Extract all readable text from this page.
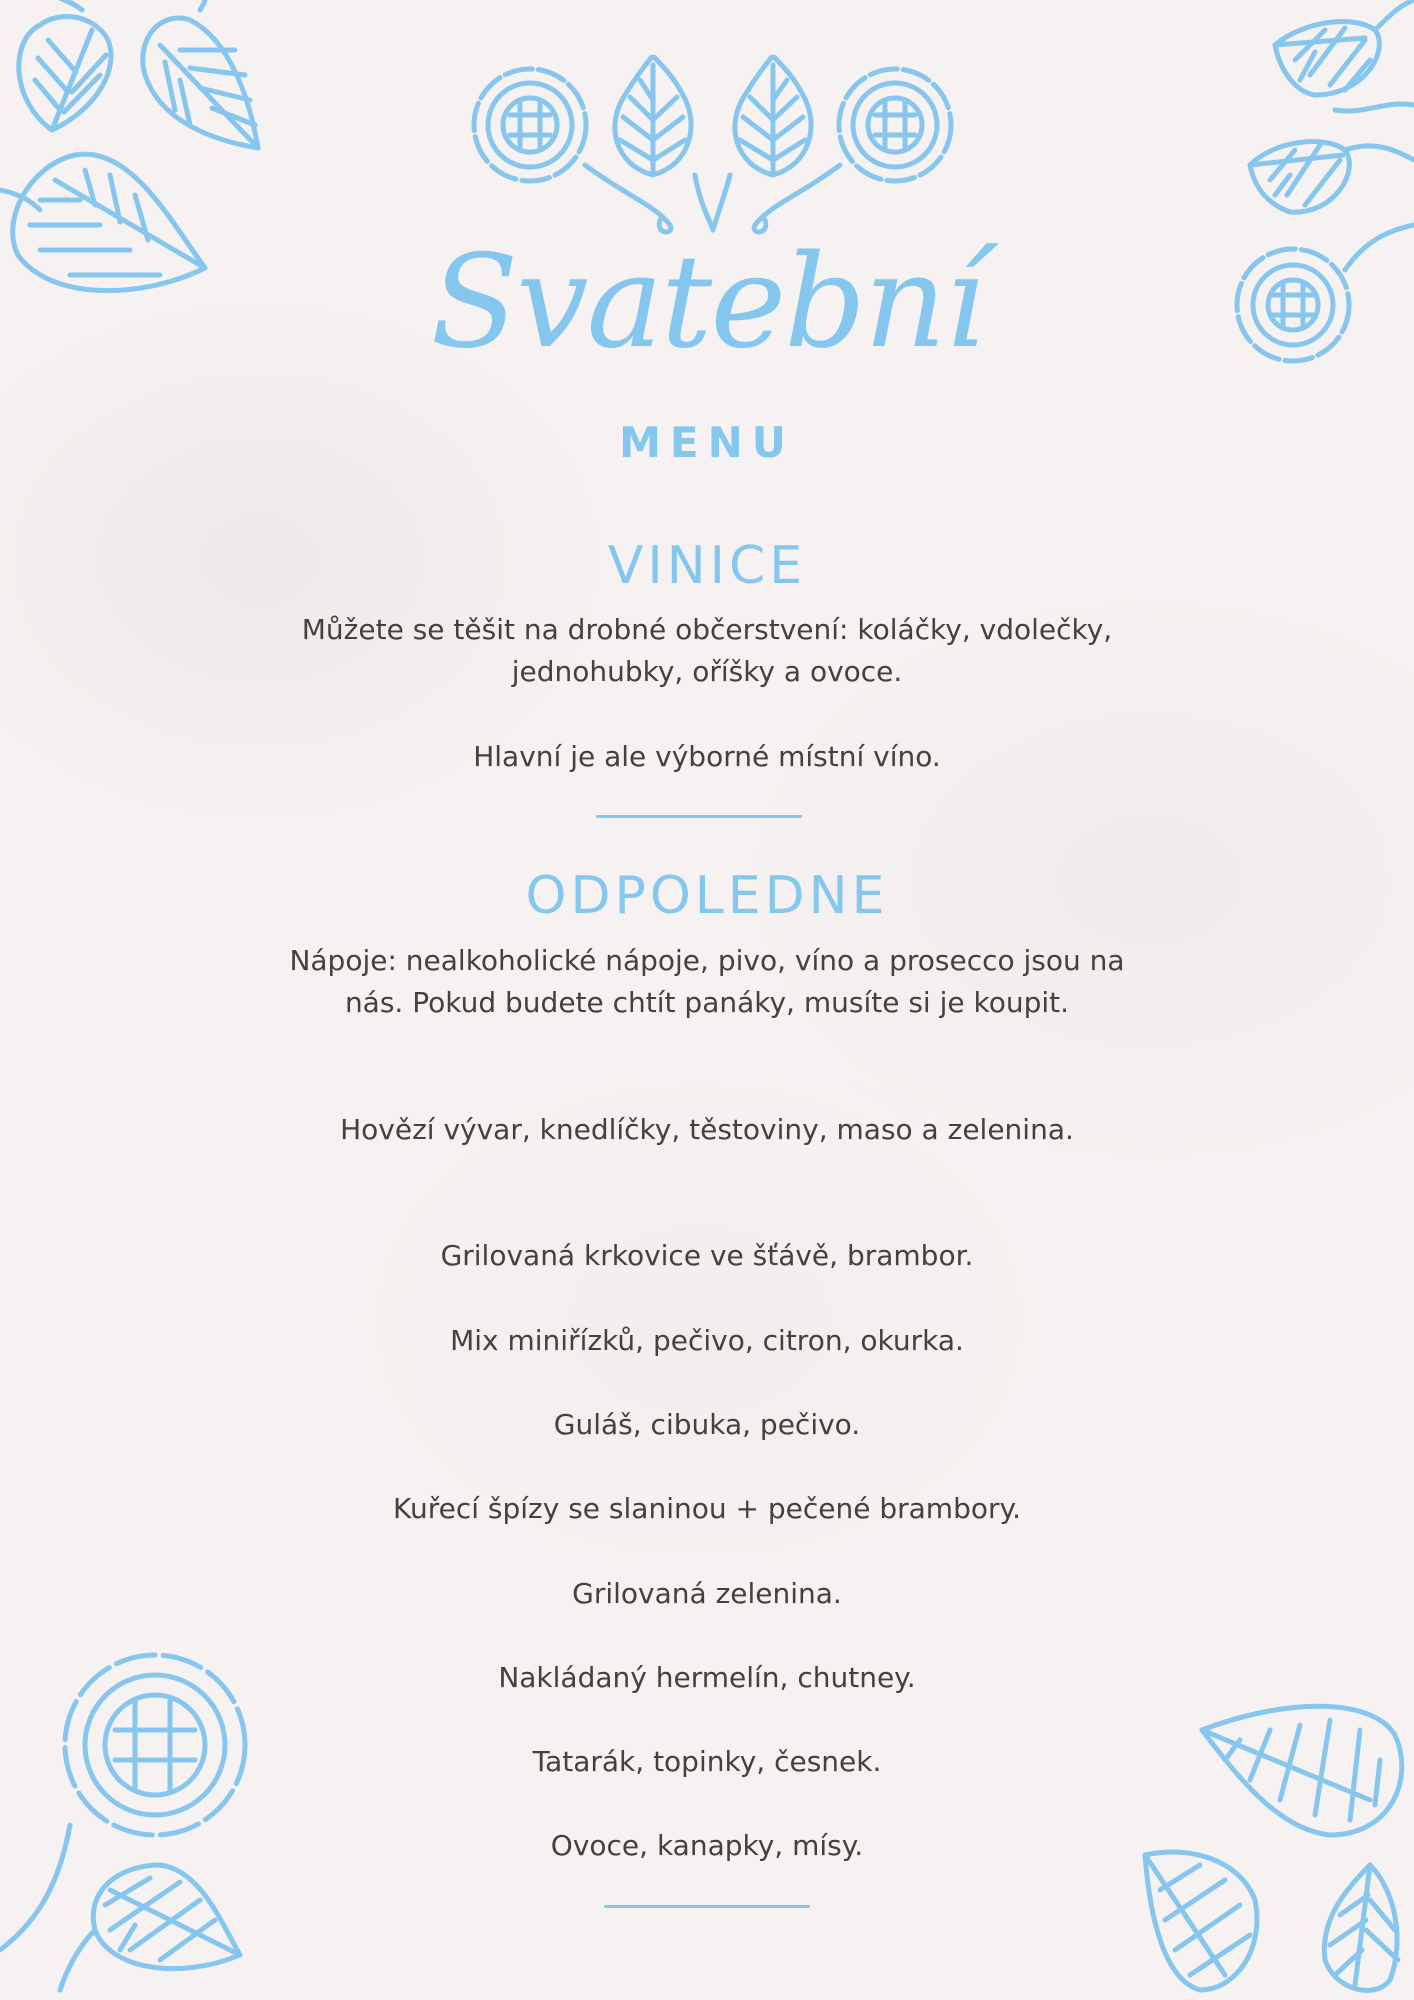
Svatební
MENU
VINICE
Můžete se těšit na drobné občerstvení: koláčky, vdolečky, jednohubky, oříšky a ovoce.
Hlavní je ale výborné místní víno.
ODPOLEDNE
Nápoje: nealkoholické nápoje, pivo, víno a prosecco jsou na nás. Pokud budete chtít panáky, musíte si je koupit.
Hovězí vývar, knedlíčky, těstoviny, maso a zelenina.
Grilovaná krkovice ve šťávě, brambor.
Mix miniřízků, pečivo, citron, okurka.
Guláš, cibuka, pečivo.
Kuřecí špízy se slaninou + pečené brambory.
Grilovaná zelenina.
Nakládaný hermelín, chutney.
Tatarák, topinky, česnek.
Ovoce, kanapky, mísy.
